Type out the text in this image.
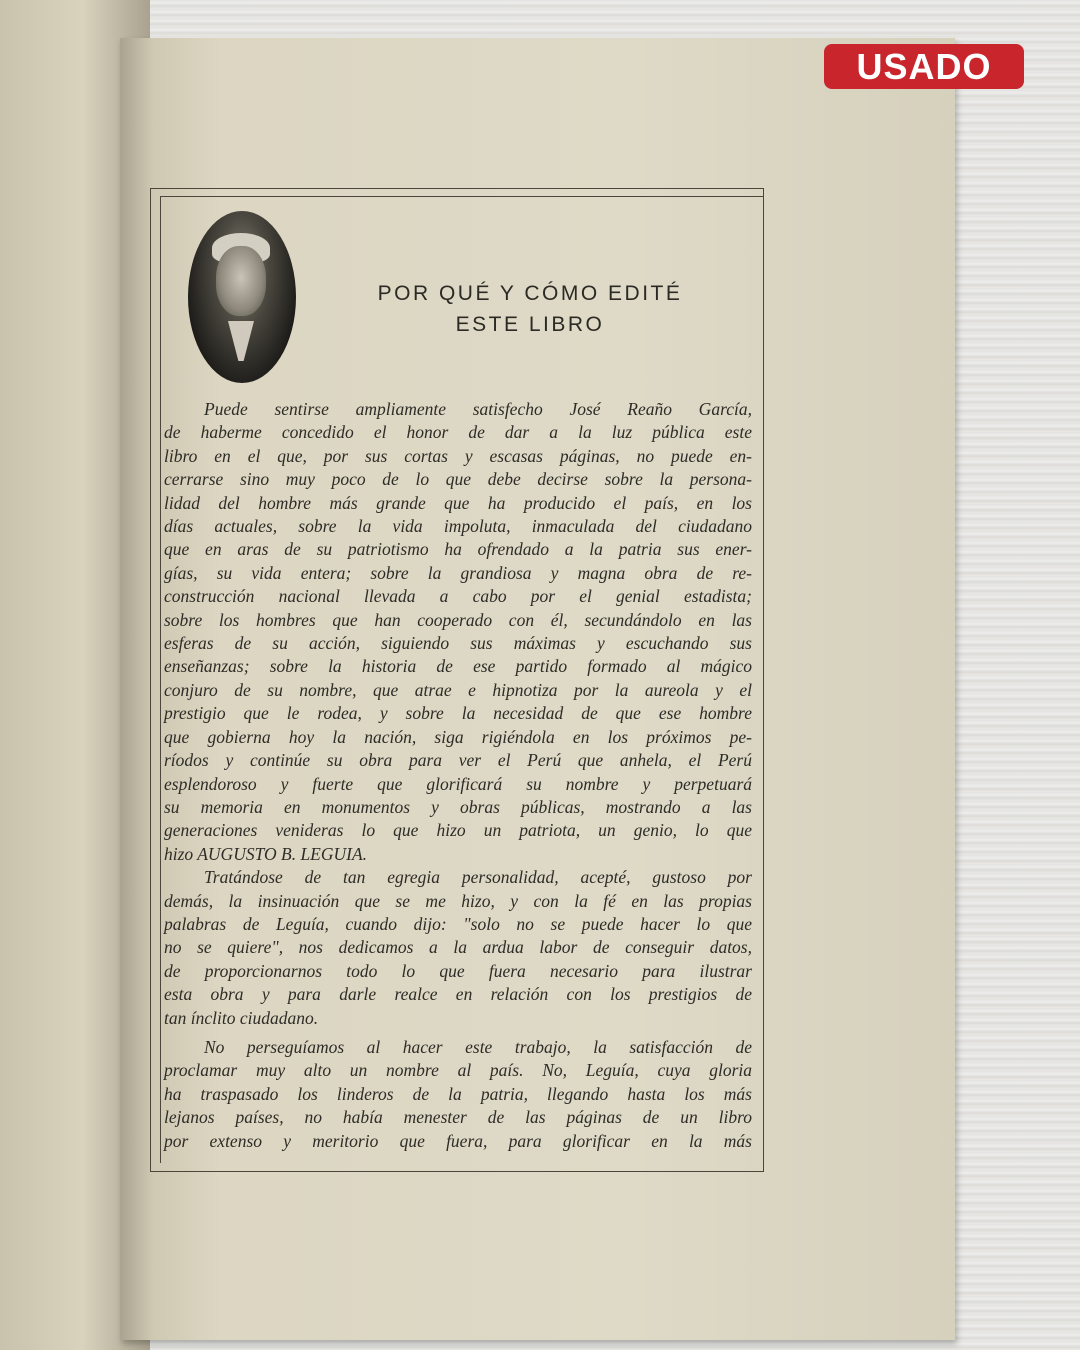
USADO
POR QUÉ Y CÓMO EDITÉ
ESTE LIBRO
Puede sentirse ampliamente satisfecho José Reaño García,
de haberme concedido el honor de dar a la luz pública este
libro en el que, por sus cortas y escasas páginas, no puede en-
cerrarse sino muy poco de lo que debe decirse sobre la persona-
lidad del hombre más grande que ha producido el país, en los
días actuales, sobre la vida impoluta, inmaculada del ciudadano
que en aras de su patriotismo ha ofrendado a la patria sus ener-
gías, su vida entera; sobre la grandiosa y magna obra de re-
construcción nacional llevada a cabo por el genial estadista;
sobre los hombres que han cooperado con él, secundándolo en las
esferas de su acción, siguiendo sus máximas y escuchando sus
enseñanzas; sobre la historia de ese partido formado al mágico
conjuro de su nombre, que atrae e hipnotiza por la aureola y el
prestigio que le rodea, y sobre la necesidad de que ese hombre
que gobierna hoy la nación, siga rigiéndola en los próximos pe-
ríodos y continúe su obra para ver el Perú que anhela, el Perú
esplendoroso y fuerte que glorificará su nombre y perpetuará
su memoria en monumentos y obras públicas, mostrando a las
generaciones venideras lo que hizo un patriota, un genio, lo que
hizo AUGUSTO B. LEGUIA.
Tratándose de tan egregia personalidad, acepté, gustoso por
demás, la insinuación que se me hizo, y con la fé en las propias
palabras de Leguía, cuando dijo: "solo no se puede hacer lo que
no se quiere", nos dedicamos a la ardua labor de conseguir datos,
de proporcionarnos todo lo que fuera necesario para ilustrar
esta obra y para darle realce en relación con los prestigios de
tan ínclito ciudadano.
No perseguíamos al hacer este trabajo, la satisfacción de
proclamar muy alto un nombre al país. No, Leguía, cuya gloria
ha traspasado los linderos de la patria, llegando hasta los más
lejanos países, no había menester de las páginas de un libro
por extenso y meritorio que fuera, para glorificar en la más
